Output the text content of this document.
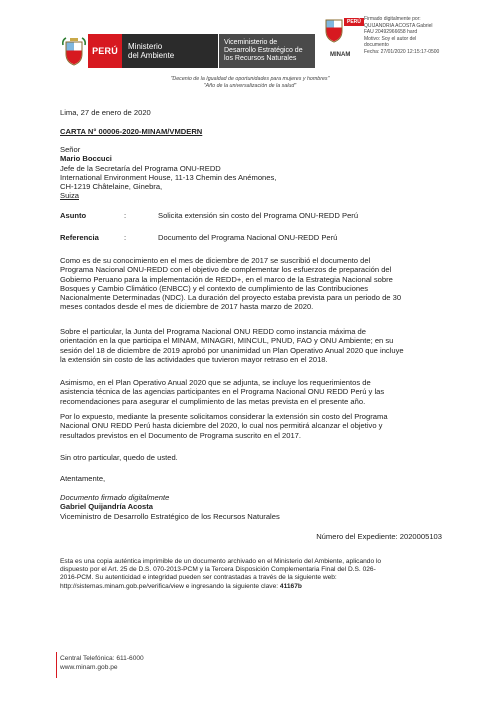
PERÚ Ministerio
del Ambiente
Viceministerio de
Desarrollo Estratégico de
los Recursos Naturales
PERÚ
MINAM
Firmado digitalmente por:
QUIJANDRIA ACOSTA Gabriel
FAU 20492966658 hard
Motivo: Soy el autor del
documento
Fecha: 27/01/2020 12:15:17-0500
"Decenio de la Igualdad de oportunidades para mujeres y hombres"
"Año de la universalización de la salud"
Lima, 27 de enero de 2020
CARTA N° 00006-2020-MINAM/VMDERN
Señor
Mario Boccuci
Jefe de la Secretaría del Programa ONU-REDD
International Environment House, 11-13 Chemin des Anémones,
CH-1219 Châtelaine, Ginebra,
Suiza
Asunto	:	Solicita extensión sin costo del Programa ONU-REDD Perú
Referencia	:	Documento del Programa Nacional ONU-REDD Perú
Como es de su conocimiento en el mes de diciembre de 2017 se suscribió el documento del
Programa Nacional ONU-REDD con el objetivo de complementar los esfuerzos de preparación del
Gobierno Peruano para la implementación de REDD+, en el marco de la Estrategia Nacional sobre
Bosques y Cambio Climático (ENBCC) y el contexto de cumplimiento de las Contribuciones
Nacionalmente Determinadas (NDC). La duración del proyecto estaba prevista para un periodo de 30
meses contados desde el mes de diciembre de 2017 hasta marzo de 2020.
Sobre el particular, la Junta del Programa Nacional ONU REDD como instancia máxima de
orientación en la que participa el MINAM, MINAGRI, MINCUL, PNUD, FAO y ONU Ambiente; en su
sesión del 18 de diciembre de 2019 aprobó por unanimidad un Plan Operativo Anual 2020 que incluye
la extensión sin costo de las actividades que tuvieron mayor retraso en el 2018.
Asimismo, en el Plan Operativo Anual 2020 que se adjunta, se incluye los requerimientos de
asistencia técnica de las agencias participantes en el Programa Nacional ONU REDD Perú y las
recomendaciones para asegurar el cumplimiento de las metas prevista en el presente año.
Por lo expuesto, mediante la presente solicitamos considerar la extensión sin costo del Programa
Nacional ONU REDD Perú hasta diciembre del 2020, lo cual nos permitirá alcanzar el objetivo y
resultados previstos en el Documento de Programa suscrito en el 2017.
Sin otro particular, quedo de usted.
Atentamente,
Documento firmado digitalmente
Gabriel Quijandría Acosta
Viceministro de Desarrollo Estratégico de los Recursos Naturales
Número del Expediente: 2020005103
Esta es una copia auténtica imprimible de un documento archivado en el Ministerio del Ambiente, aplicando lo
dispuesto por el Art. 25 de D.S. 070-2013-PCM y la Tercera Disposición Complementaria Final del D.S. 026-
2016-PCM. Su autenticidad e integridad pueden ser contrastadas a través de la siguiente web:
http://sistemas.minam.gob.pe/verifica/view e ingresando la siguiente clave: 41167b
Central Telefónica: 611-6000
www.minam.gob.pe
